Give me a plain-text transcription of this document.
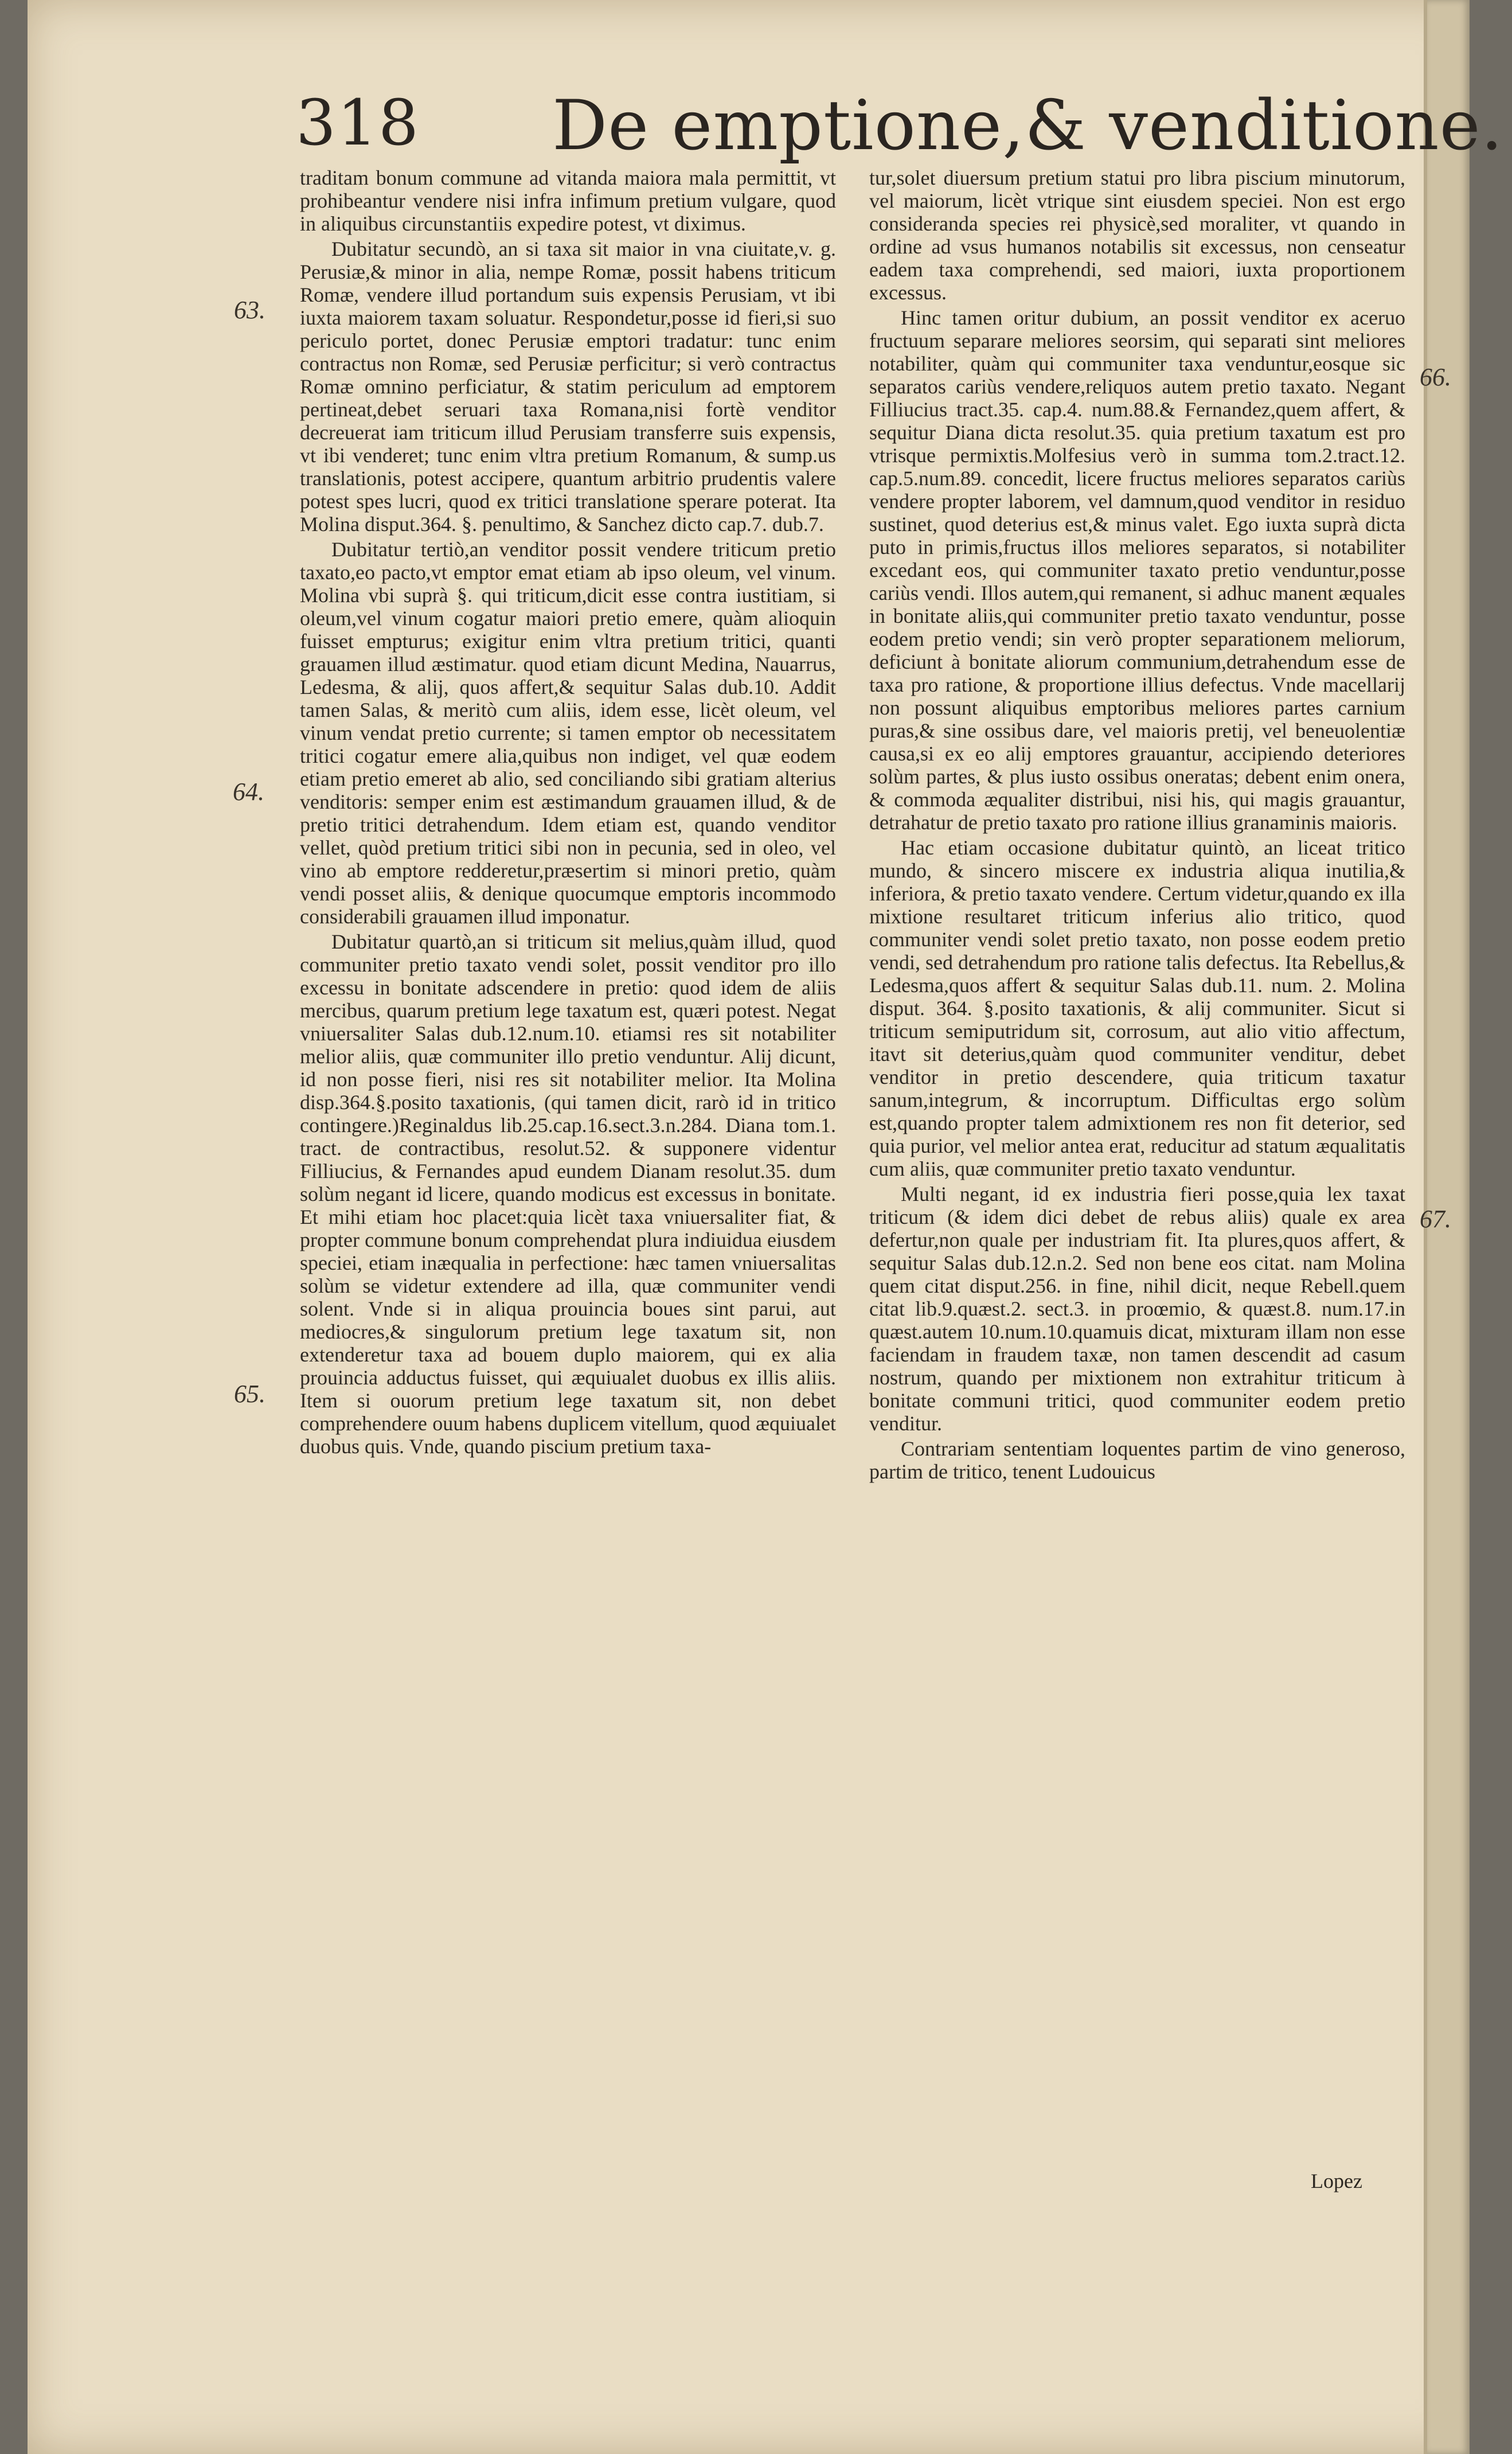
318 De emptione,& venditione.
63.
64.
65.
66.
67.

traditam bonum commune ad vitanda maiora mala permittit, vt prohibeantur vendere nisi infra infimum pretium vulgare, quod in aliquibus circunstantiis expedire potest, vt diximus.

Dubitatur secundò, an si taxa sit maior in vna ciuitate,v. g. Perusiæ,& minor in alia, nempe Romæ, possit habens triticum Romæ, vendere illud portandum suis expensis Perusiam, vt ibi iuxta maiorem taxam soluatur. Respondetur,posse id fieri,si suo periculo portet, donec Perusiæ emptori tradatur: tunc enim contractus non Romæ, sed Perusiæ perficitur; si verò contractus Romæ omnino perficiatur, & statim periculum ad emptorem pertineat,debet seruari taxa Romana,nisi fortè venditor decreuerat iam triticum illud Perusiam transferre suis expensis, vt ibi venderet; tunc enim vltra pretium Romanum, & sump.us translationis, potest accipere, quantum arbitrio prudentis valere potest spes lucri, quod ex tritici translatione sperare poterat. Ita Molina disput.364. §. penultimo, & Sanchez dicto cap.7. dub.7.

Dubitatur tertiò,an venditor possit vendere triticum pretio taxato,eo pacto,vt emptor emat etiam ab ipso oleum, vel vinum. Molina vbi suprà §. qui triticum,dicit esse contra iustitiam, si oleum,vel vinum cogatur maiori pretio emere, quàm alioquin fuisset empturus; exigitur enim vltra pretium tritici, quanti grauamen illud æstimatur. quod etiam dicunt Medina, Nauarrus, Ledesma, & alij, quos affert,& sequitur Salas dub.10. Addit tamen Salas, & meritò cum aliis, idem esse, licèt oleum, vel vinum vendat pretio currente; si tamen emptor ob necessitatem tritici cogatur emere alia,quibus non indiget, vel quæ eodem etiam pretio emeret ab alio, sed conciliando sibi gratiam alterius venditoris: semper enim est æstimandum grauamen illud, & de pretio tritici detrahendum. Idem etiam est, quando venditor vellet, quòd pretium tritici sibi non in pecunia, sed in oleo, vel vino ab emptore redderetur,præsertim si minori pretio, quàm vendi posset aliis, & denique quocumque emptoris incommodo considerabili grauamen illud imponatur.

Dubitatur quartò,an si triticum sit melius,quàm illud, quod communiter pretio taxato vendi solet, possit venditor pro illo excessu in bonitate adscendere in pretio: quod idem de aliis mercibus, quarum pretium lege taxatum est, quæri potest. Negat vniuersaliter Salas dub.12.num.10. etiamsi res sit notabiliter melior aliis, quæ communiter illo pretio venduntur. Alij dicunt, id non posse fieri, nisi res sit notabiliter melior. Ita Molina disp.364.§.posito taxationis, (qui tamen dicit, rarò id in tritico contingere.)Reginaldus lib.25.cap.16.sect.3.n.284. Diana tom.1. tract. de contractibus, resolut.52. & supponere videntur Filliucius, & Fernandes apud eundem Dianam resolut.35. dum solùm negant id licere, quando modicus est excessus in bonitate. Et mihi etiam hoc placet:quia licèt taxa vniuersaliter fiat, & propter commune bonum comprehendat plura indiuidua eiusdem speciei, etiam inæqualia in perfectione: hæc tamen vniuersalitas solùm se videtur extendere ad illa, quæ communiter vendi solent. Vnde si in aliqua prouincia boues sint parui, aut mediocres,& singulorum pretium lege taxatum sit, non extenderetur taxa ad bouem duplo maiorem, qui ex alia prouincia adductus fuisset, qui æquiualet duobus ex illis aliis. Item si ouorum pretium lege taxatum sit, non debet comprehendere ouum habens duplicem vitellum, quod æquiualet duobus quis. Vnde, quando piscium pretium taxa-

tur,solet diuersum pretium statui pro libra piscium minutorum, vel maiorum, licèt vtrique sint eiusdem speciei. Non est ergo consideranda species rei physicè,sed moraliter, vt quando in ordine ad vsus humanos notabilis sit excessus, non censeatur eadem taxa comprehendi, sed maiori, iuxta proportionem excessus.

Hinc tamen oritur dubium, an possit venditor ex aceruo fructuum separare meliores seorsim, qui separati sint meliores notabiliter, quàm qui communiter taxa venduntur,eosque sic separatos cariùs vendere,reliquos autem pretio taxato. Negant Filliucius tract.35. cap.4. num.88.& Fernandez,quem affert, & sequitur Diana dicta resolut.35. quia pretium taxatum est pro vtrisque permixtis.Molfesius verò in summa tom.2.tract.12. cap.5.num.89. concedit, licere fructus meliores separatos cariùs vendere propter laborem, vel damnum,quod venditor in residuo sustinet, quod deterius est,& minus valet. Ego iuxta suprà dicta puto in primis,fructus illos meliores separatos, si notabiliter excedant eos, qui communiter taxato pretio venduntur,posse cariùs vendi. Illos autem,qui remanent, si adhuc manent æquales in bonitate aliis,qui communiter pretio taxato venduntur, posse eodem pretio vendi; sin verò propter separationem meliorum, deficiunt à bonitate aliorum communium,detrahendum esse de taxa pro ratione, & proportione illius defectus. Vnde macellarij non possunt aliquibus emptoribus meliores partes carnium puras,& sine ossibus dare, vel maioris pretij, vel beneuolentiæ causa,si ex eo alij emptores grauantur, accipiendo deteriores solùm partes, & plus iusto ossibus oneratas; debent enim onera, & commoda æqualiter distribui, nisi his, qui magis grauantur, detrahatur de pretio taxato pro ratione illius granaminis maioris.

Hac etiam occasione dubitatur quintò, an liceat tritico mundo, & sincero miscere ex industria aliqua inutilia,& inferiora, & pretio taxato vendere. Certum videtur,quando ex illa mixtione resultaret triticum inferius alio tritico, quod communiter vendi solet pretio taxato, non posse eodem pretio vendi, sed detrahendum pro ratione talis defectus. Ita Rebellus,& Ledesma,quos affert & sequitur Salas dub.11. num. 2. Molina disput. 364. §.posito taxationis, & alij communiter. Sicut si triticum semiputridum sit, corrosum, aut alio vitio affectum, itavt sit deterius,quàm quod communiter venditur, debet venditor in pretio descendere, quia triticum taxatur sanum,integrum, & incorruptum. Difficultas ergo solùm est,quando propter talem admixtionem res non fit deterior, sed quia purior, vel melior antea erat, reducitur ad statum æqualitatis cum aliis, quæ communiter pretio taxato venduntur.

Multi negant, id ex industria fieri posse,quia lex taxat triticum (& idem dici debet de rebus aliis) quale ex area defertur,non quale per industriam fit. Ita plures,quos affert, & sequitur Salas dub.12.n.2. Sed non bene eos citat. nam Molina quem citat disput.256. in fine, nihil dicit, neque Rebell.quem citat lib.9.quæst.2. sect.3. in proœmio, & quæst.8. num.17.in quæst.autem 10.num.10.quamuis dicat, mixturam illam non esse faciendam in fraudem taxæ, non tamen descendit ad casum nostrum, quando per mixtionem non extrahitur triticum à bonitate communi tritici, quod communiter eodem pretio venditur.

Contrariam sententiam loquentes partim de vino generoso, partim de tritico, tenent Ludouicus

Lopez
